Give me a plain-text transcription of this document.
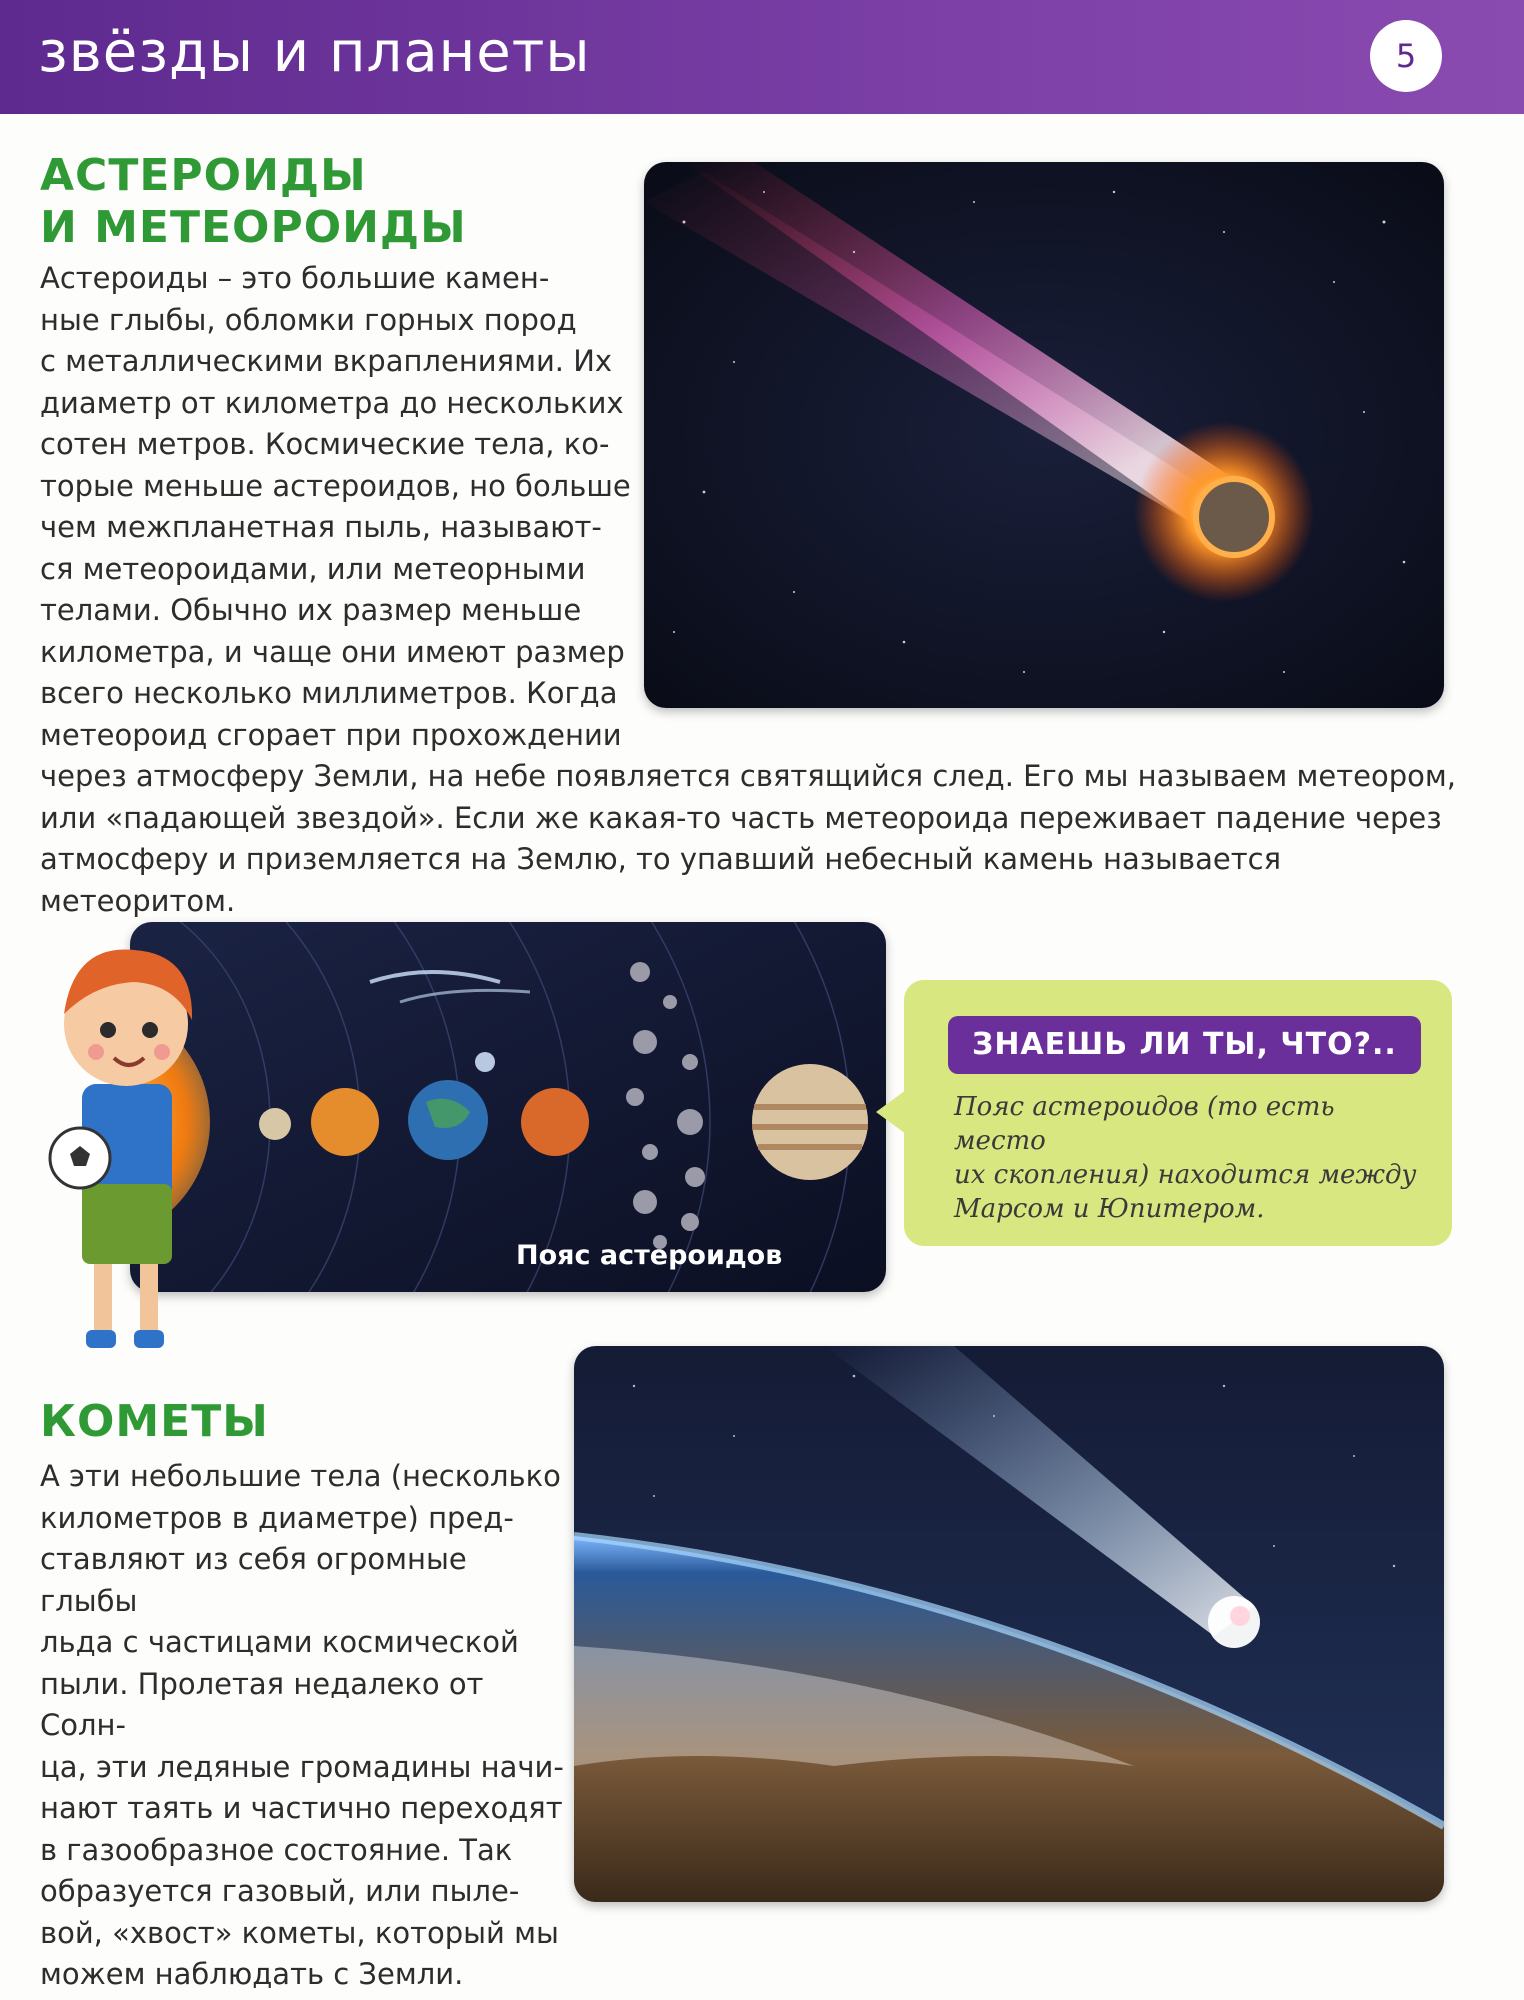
звёзды и планеты	5
АСТЕРОИДЫ
И МЕТЕОРОИДЫ
Астероиды – это большие камен-
ные глыбы, обломки горных пород
с металлическими вкраплениями. Их
диаметр от километра до нескольких
сотен метров. Космические тела, ко-
торые меньше астероидов, но больше
чем межпланетная пыль, называют-
ся метеороидами, или метеорными
телами. Обычно их размер меньше
километра, и чаще они имеют размер
всего несколько миллиметров. Когда
метеороид сгорает при прохождении
через атмосферу Земли, на небе появляется святящийся след. Его мы называем метеором,
или «падающей звездой». Если же какая-то часть метеороида переживает падение через
атмосферу и приземляется на Землю, то упавший небесный камень называется метеоритом.
Пояс астероидов
ЗНАЕШЬ ЛИ ТЫ, ЧТО?..
Пояс астероидов (то есть место
их скопления) находится между
Марсом и Юпитером.
КОМЕТЫ
А эти небольшие тела (несколько
километров в диаметре) пред-
ставляют из себя огромные глыбы
льда с частицами космической
пыли. Пролетая недалеко от Солн-
ца, эти ледяные громадины начи-
нают таять и частично переходят
в газообразное состояние. Так
образуется газовый, или пыле-
вой, «хвост» кометы, который мы
можем наблюдать с Земли.
